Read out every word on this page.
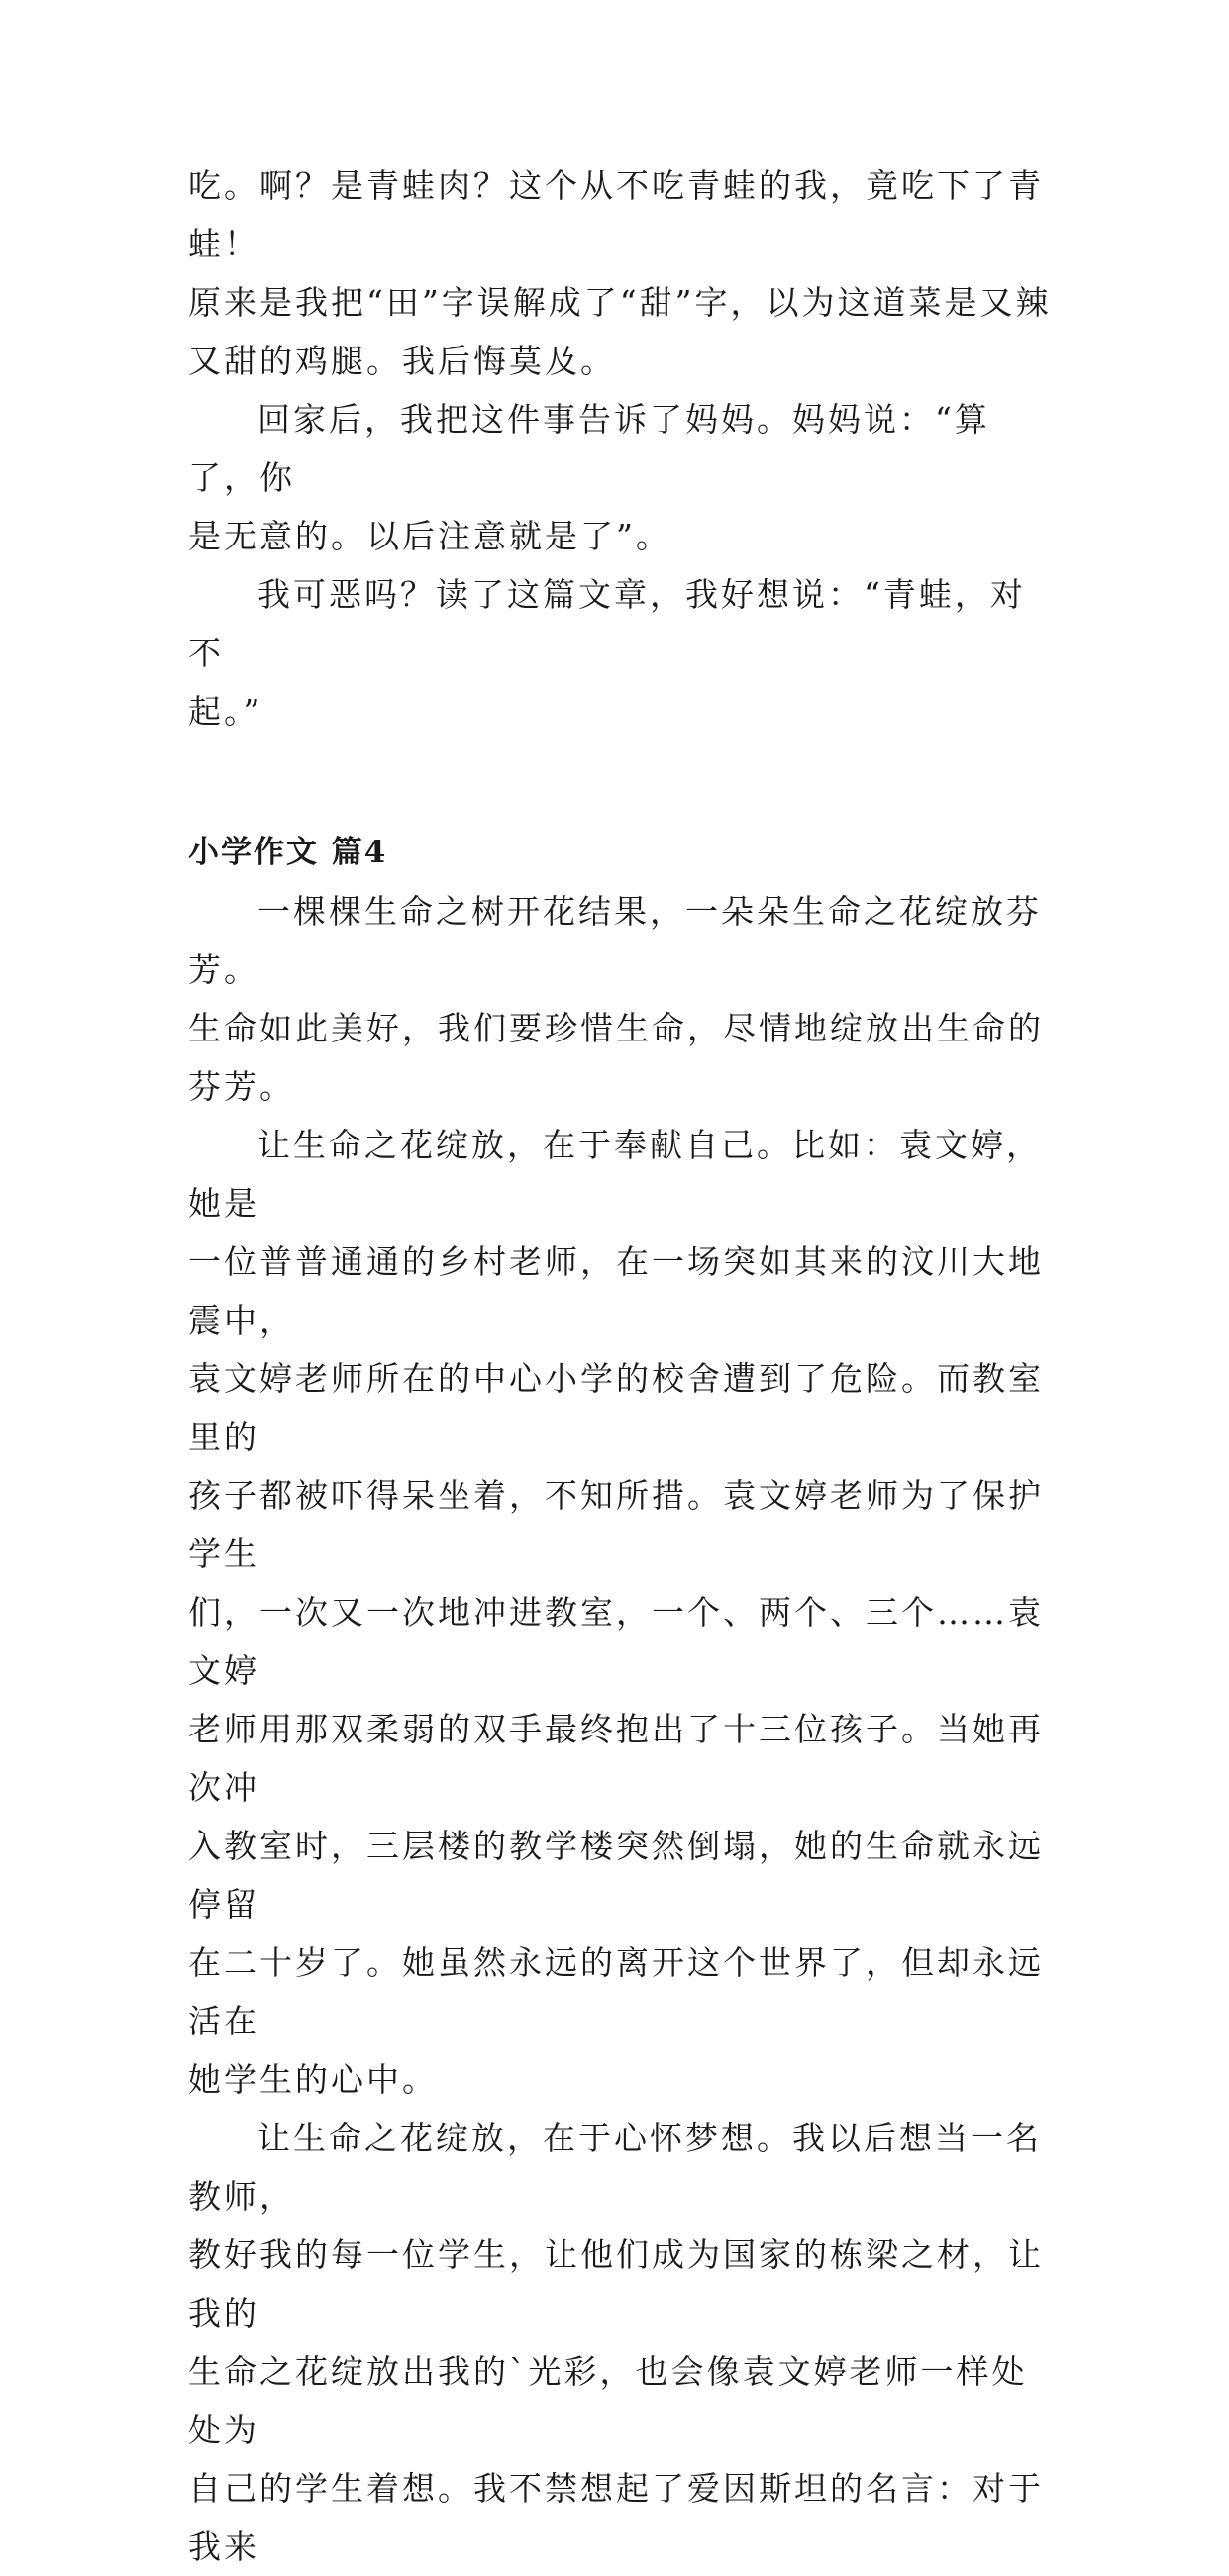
吃。啊？是青蛙肉？这个从不吃青蛙的我，竟吃下了青蛙！
原来是我把“田”字误解成了“甜”字，以为这道菜是又辣
又甜的鸡腿。我后悔莫及。

回家后，我把这件事告诉了妈妈。妈妈说：“算了，你
是无意的。以后注意就是了”。

我可恶吗？读了这篇文章，我好想说：“青蛙，对不
起。”

小学作文 篇4

一棵棵生命之树开花结果，一朵朵生命之花绽放芬芳。
生命如此美好，我们要珍惜生命，尽情地绽放出生命的芬芳。

让生命之花绽放，在于奉献自己。比如：袁文婷，她是
一位普普通通的乡村老师，在一场突如其来的汶川大地震中，
袁文婷老师所在的中心小学的校舍遭到了危险。而教室里的
孩子都被吓得呆坐着，不知所措。袁文婷老师为了保护学生
们，一次又一次地冲进教室，一个、两个、三个……袁文婷
老师用那双柔弱的双手最终抱出了十三位孩子。当她再次冲
入教室时，三层楼的教学楼突然倒塌，她的生命就永远停留
在二十岁了。她虽然永远的离开这个世界了，但却永远活在
她学生的心中。

让生命之花绽放，在于心怀梦想。我以后想当一名教师，
教好我的每一位学生，让他们成为国家的栋梁之材，让我的
生命之花绽放出我的`光彩，也会像袁文婷老师一样处处为
自己的学生着想。我不禁想起了爱因斯坦的名言：对于我来
